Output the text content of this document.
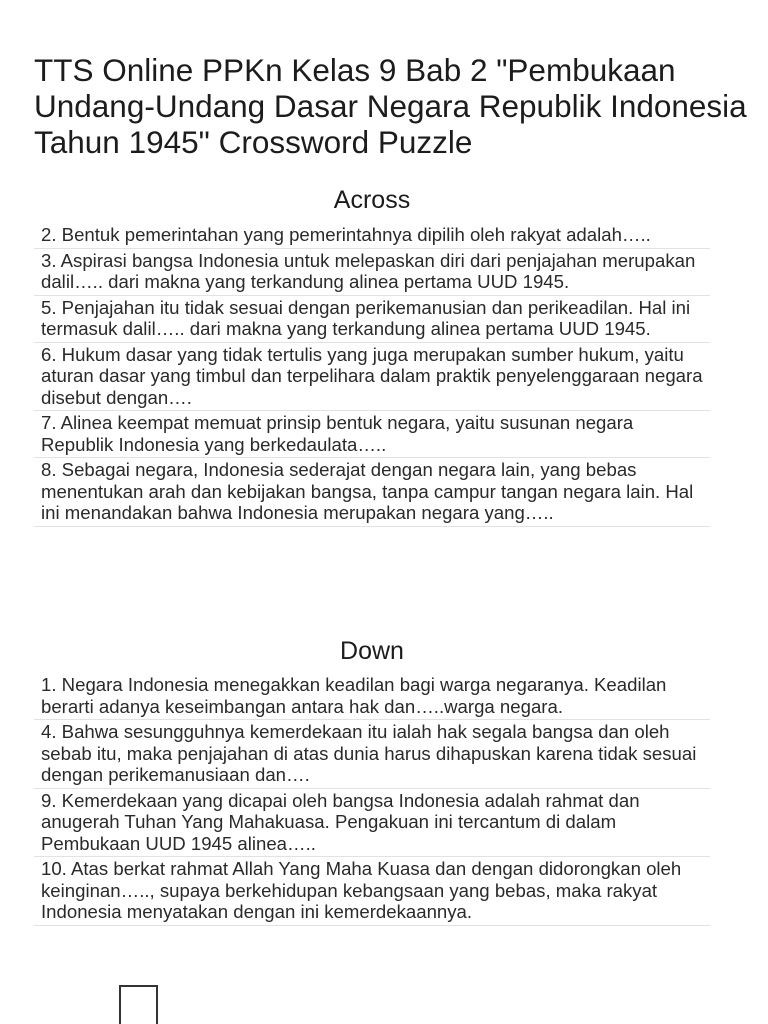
TTS Online PPKn Kelas 9 Bab 2 "Pembukaan Undang-Undang Dasar Negara Republik Indonesia Tahun 1945" Crossword Puzzle
Across
2. Bentuk pemerintahan yang pemerintahnya dipilih oleh rakyat adalah…..
3. Aspirasi bangsa Indonesia untuk melepaskan diri dari penjajahan merupakan dalil….. dari makna yang terkandung alinea pertama UUD 1945.
5. Penjajahan itu tidak sesuai dengan perikemanusian dan perikeadilan. Hal ini termasuk dalil….. dari makna yang terkandung alinea pertama UUD 1945.
6. Hukum dasar yang tidak tertulis yang juga merupakan sumber hukum, yaitu aturan dasar yang timbul dan terpelihara dalam praktik penyelenggaraan negara disebut dengan….
7. Alinea keempat memuat prinsip bentuk negara, yaitu susunan negara Republik Indonesia yang berkedaulata…..
8. Sebagai negara, Indonesia sederajat dengan negara lain, yang bebas menentukan arah dan kebijakan bangsa, tanpa campur tangan negara lain. Hal ini menandakan bahwa Indonesia merupakan negara yang…..
Down
1. Negara Indonesia menegakkan keadilan bagi warga negaranya. Keadilan berarti adanya keseimbangan antara hak dan…..warga negara.
4. Bahwa sesungguhnya kemerdekaan itu ialah hak segala bangsa dan oleh sebab itu, maka penjajahan di atas dunia harus dihapuskan karena tidak sesuai dengan perikemanusiaan dan….
9. Kemerdekaan yang dicapai oleh bangsa Indonesia adalah rahmat dan anugerah Tuhan Yang Mahakuasa. Pengakuan ini tercantum di dalam Pembukaan UUD 1945 alinea…..
10. Atas berkat rahmat Allah Yang Maha Kuasa dan dengan didorongkan oleh keinginan….., supaya berkehidupan kebangsaan yang bebas, maka rakyat Indonesia menyatakan dengan ini kemerdekaannya.
